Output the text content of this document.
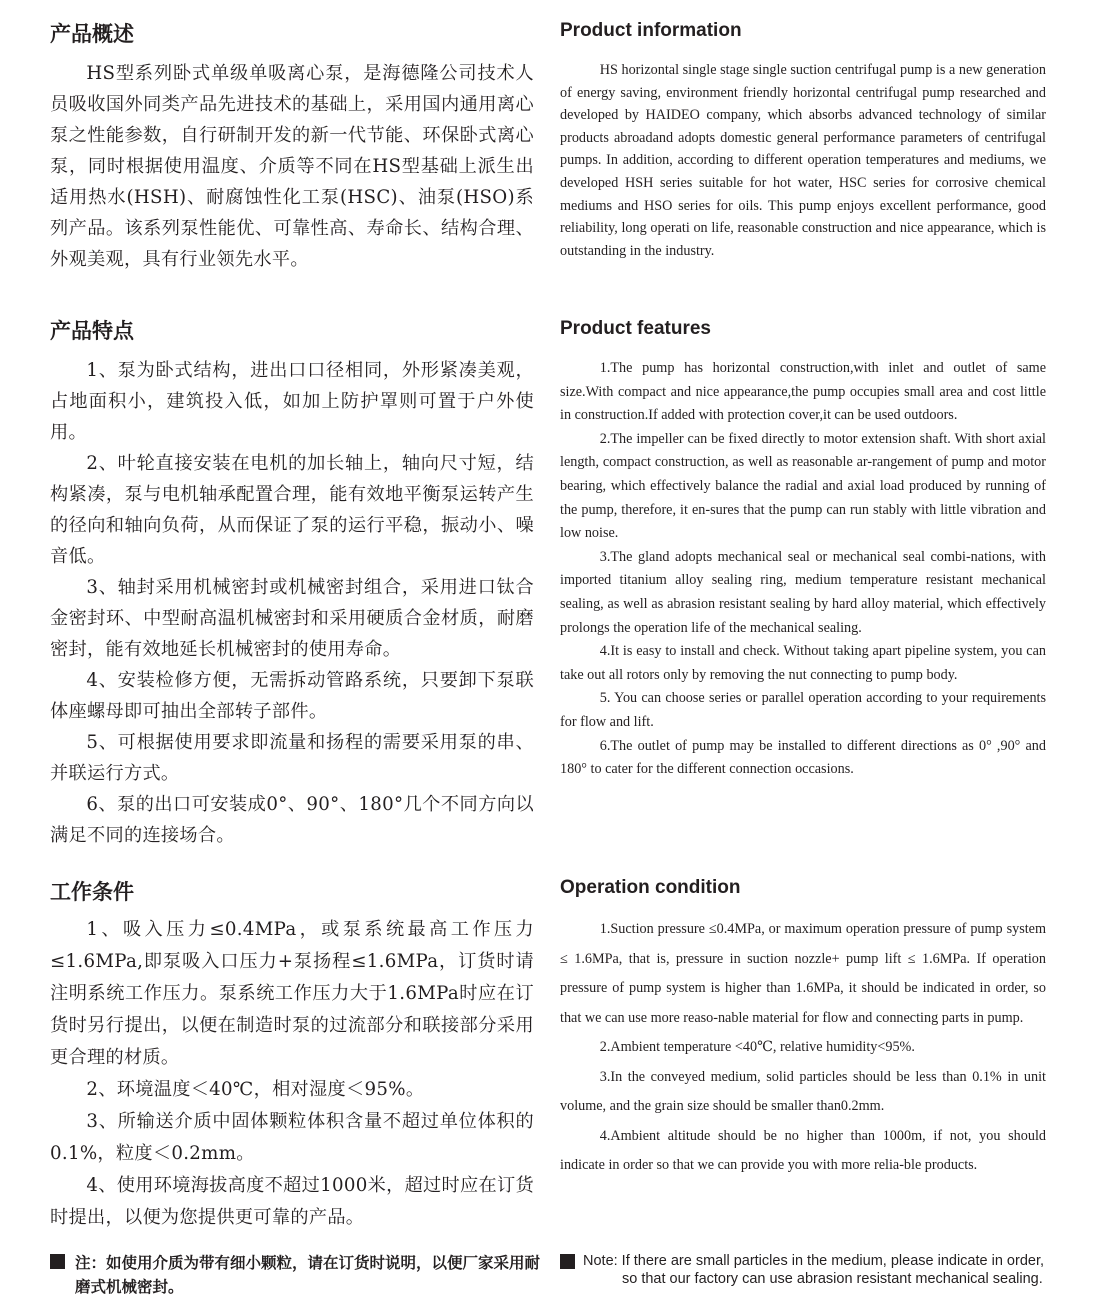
产品概述

HS型系列卧式单级单吸离心泵，是海德隆公司技术人员吸收国外同类产品先进技术的基础上，采用国内通用离心泵之性能参数，自行研制开发的新一代节能、环保卧式离心泵，同时根据使用温度、介质等不同在HS型基础上派生出适用热水(HSH)、耐腐蚀性化工泵(HSC)、油泵(HSO)系列产品。该系列泵性能优、可靠性高、寿命长、结构合理、外观美观，具有行业领先水平。

产品特点

1、泵为卧式结构，进出口口径相同，外形紧凑美观，占地面积小，建筑投入低，如加上防护罩则可置于户外使用。

2、叶轮直接安装在电机的加长轴上，轴向尺寸短，结构紧凑，泵与电机轴承配置合理，能有效地平衡泵运转产生的径向和轴向负荷，从而保证了泵的运行平稳，振动小、噪音低。

3、轴封采用机械密封或机械密封组合，采用进口钛合金密封环、中型耐高温机械密封和采用硬质合金材质，耐磨密封，能有效地延长机械密封的使用寿命。

4、安装检修方便，无需拆动管路系统，只要卸下泵联体座螺母即可抽出全部转子部件。

5、可根据使用要求即流量和扬程的需要采用泵的串、并联运行方式。

6、泵的出口可安装成0°、90°、180°几个不同方向以满足不同的连接场合。

工作条件

1、吸入压力≤0.4MPa，或泵系统最高工作压力≤1.6MPa,即泵吸入口压力+泵扬程≤1.6MPa，订货时请注明系统工作压力。泵系统工作压力大于1.6MPa时应在订货时另行提出，以便在制造时泵的过流部分和联接部分采用更合理的材质。

2、环境温度＜40℃，相对湿度＜95%。

3、所输送介质中固体颗粒体积含量不超过单位体积的0.1%，粒度＜0.2mm。

4、使用环境海拔高度不超过1000米，超过时应在订货时提出，以便为您提供更可靠的产品。

注：如使用介质为带有细小颗粒，请在订货时说明，以便厂家采用耐磨式机械密封。
Product information

HS horizontal single stage single suction centrifugal pump is a new generation of energy saving, environment friendly horizontal centrifugal pump researched and developed by HAIDEO company, which absorbs advanced technology of similar products abroadand adopts domestic general performance parameters of centrifugal pumps. In addition, according to different operation temperatures and mediums, we developed HSH series suitable for hot water, HSC series for corrosive chemical mediums and HSO series for oils. This pump enjoys excellent performance, good reliability, long operati on life, reasonable construction and nice appearance, which is outstanding in the industry.

Product features

1.The pump has horizontal construction,with inlet and outlet of same size.With compact and nice appearance,the pump occupies small area and cost little in construction.If added with protection cover,it can be used outdoors.

2.The impeller can be fixed directly to motor extension shaft. With short axial length, compact construction, as well as reasonable ar-rangement of pump and motor bearing, which effectively balance the radial and axial load produced by running of the pump, therefore, it en-sures that the pump can run stably with little vibration and low noise.

3.The gland adopts mechanical seal or mechanical seal combi-nations, with imported titanium alloy sealing ring, medium temperature resistant mechanical sealing, as well as abrasion resistant sealing by hard alloy material, which effectively prolongs the operation life of the mechanical sealing.

4.It is easy to install and check. Without taking apart pipeline system, you can take out all rotors only by removing the nut connecting to pump body.

5. You can choose series or parallel operation according to your requirements for flow and lift.

6.The outlet of pump may be installed to different directions as 0° ,90° and 180° to cater for the different connection occasions.

Operation condition

1.Suction pressure ≤0.4MPa, or maximum operation pressure of pump system ≤ 1.6MPa, that is, pressure in suction nozzle+ pump lift ≤ 1.6MPa. If operation pressure of pump system is higher than 1.6MPa, it should be indicated in order, so that we can use more reaso-nable material for flow and connecting parts in pump.

2.Ambient temperature <40℃, relative humidity<95%.

3.In the conveyed medium, solid particles should be less than 0.1% in unit volume, and the grain size should be smaller than0.2mm.

4.Ambient altitude should be no higher than 1000m, if not, you should indicate in order so that we can provide you with more relia-ble products.

Note: If there are small particles in the medium, please indicate in order, so that our factory can use abrasion resistant mechanical sealing.
